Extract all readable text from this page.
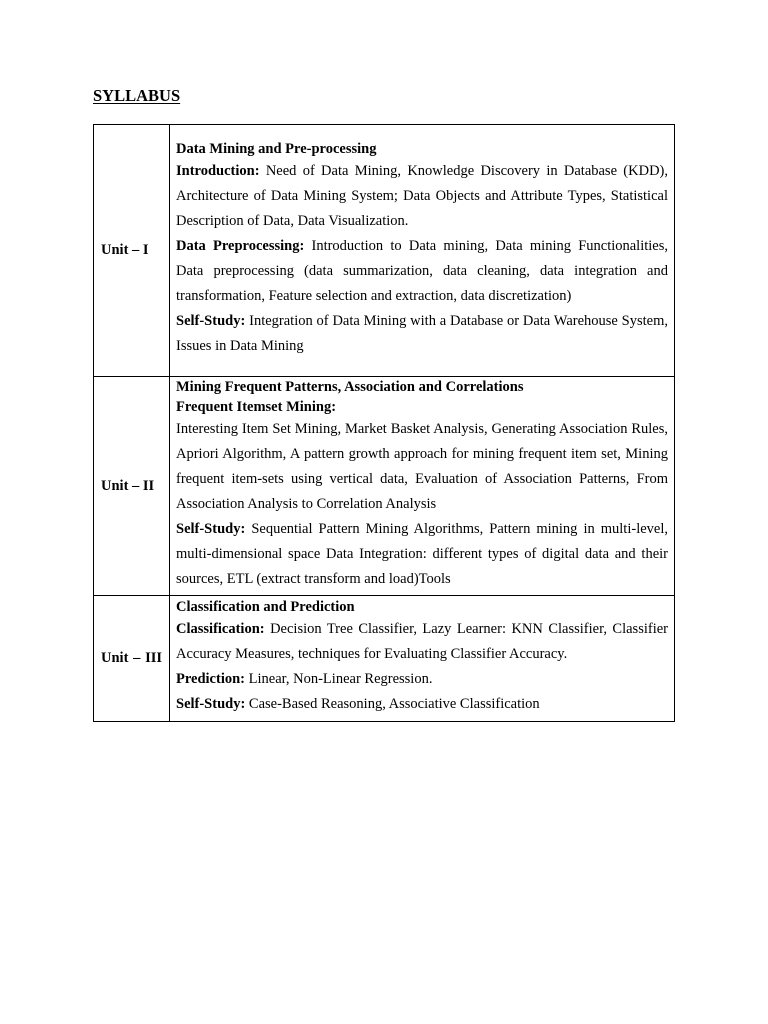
SYLLABUS
Unit – I	Data Mining and Pre-processing

Introduction: Need of Data Mining, Knowledge Discovery in Database (KDD), Architecture of Data Mining System; Data Objects and Attribute Types, Statistical Description of Data, Data Visualization.

Data Preprocessing: Introduction to Data mining, Data mining Functionalities, Data preprocessing (data summarization, data cleaning, data integration and transformation, Feature selection and extraction, data discretization)

Self-Study: Integration of Data Mining with a Database or Data Warehouse System, Issues in Data Mining

Unit – II	Mining Frequent Patterns, Association and Correlations

Frequent Itemset Mining:
Interesting Item Set Mining, Market Basket Analysis, Generating Association Rules, Apriori Algorithm, A pattern growth approach for mining frequent item set, Mining frequent item-sets using vertical data, Evaluation of Association Patterns, From Association Analysis to Correlation Analysis

Self-Study: Sequential Pattern Mining Algorithms, Pattern mining in multi-level, multi-dimensional space Data Integration: different types of digital data and their sources, ETL (extract transform and load)Tools

Unit – III	Classification and Prediction

Classification: Decision Tree Classifier, Lazy Learner: KNN Classifier, Classifier Accuracy Measures, techniques for Evaluating Classifier Accuracy.

Prediction: Linear, Non-Linear Regression.

Self-Study: Case-Based Reasoning, Associative Classification
